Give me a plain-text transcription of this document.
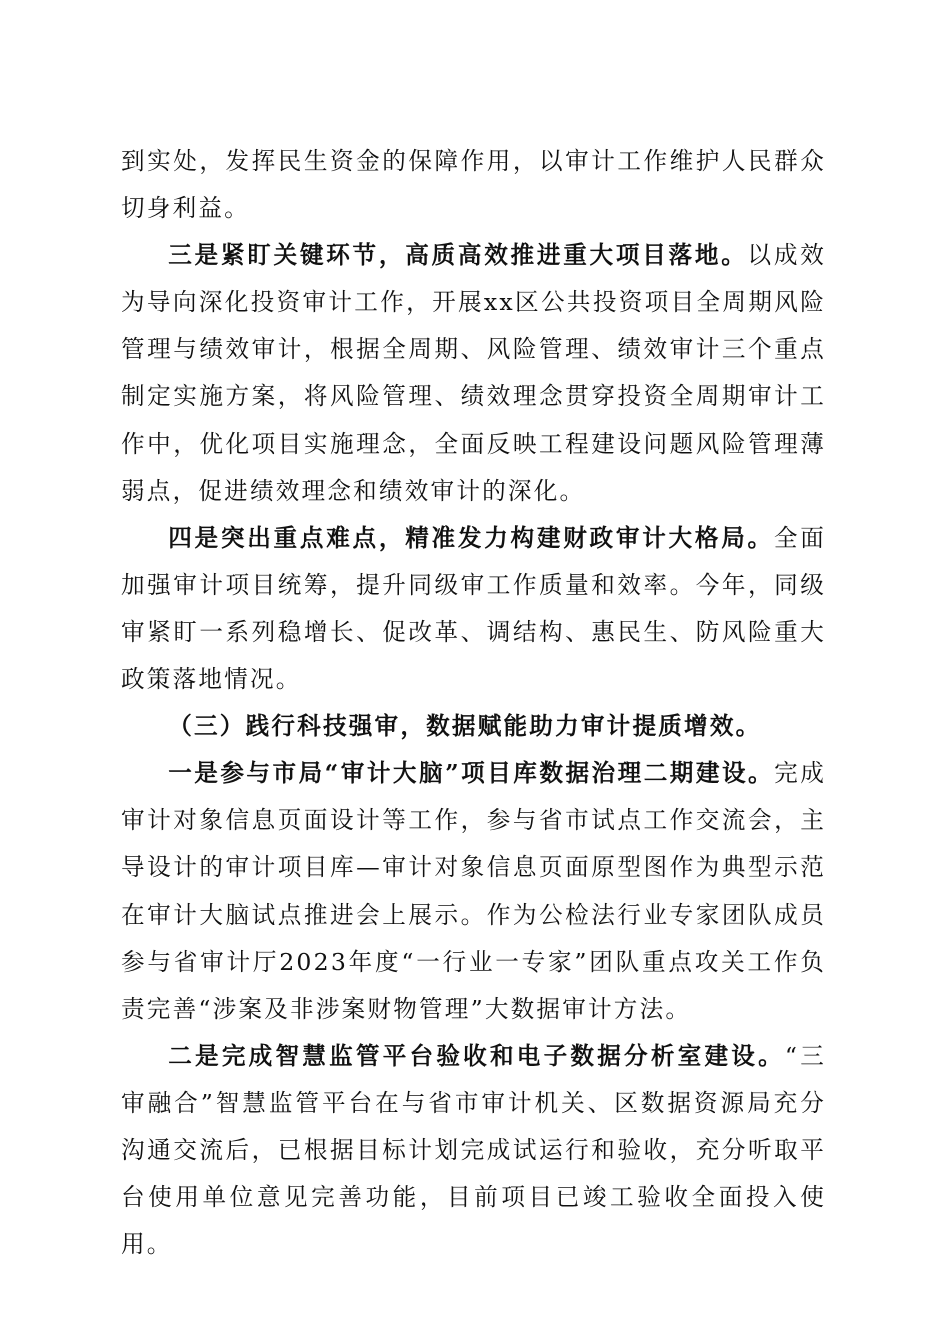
到实处，发挥民生资金的保障作用，以审计工作维护人民群众切身利益。

三是紧盯关键环节，高质高效推进重大项目落地。以成效为导向深化投资审计工作，开展xx区公共投资项目全周期风险管理与绩效审计，根据全周期、风险管理、绩效审计三个重点制定实施方案，将风险管理、绩效理念贯穿投资全周期审计工作中，优化项目实施理念，全面反映工程建设问题风险管理薄弱点，促进绩效理念和绩效审计的深化。

四是突出重点难点，精准发力构建财政审计大格局。全面加强审计项目统筹，提升同级审工作质量和效率。今年，同级审紧盯一系列稳增长、促改革、调结构、惠民生、防风险重大政策落地情况。

（三）践行科技强审，数据赋能助力审计提质增效。

一是参与市局“审计大脑”项目库数据治理二期建设。完成审计对象信息页面设计等工作，参与省市试点工作交流会，主导设计的审计项目库—审计对象信息页面原型图作为典型示范在审计大脑试点推进会上展示。作为公检法行业专家团队成员参与省审计厅2023年度“一行业一专家”团队重点攻关工作负责完善“涉案及非涉案财物管理”大数据审计方法。

二是完成智慧监管平台验收和电子数据分析室建设。“三审融合”智慧监管平台在与省市审计机关、区数据资源局充分沟通交流后，已根据目标计划完成试运行和验收，充分听取平台使用单位意见完善功能，目前项目已竣工验收全面投入使用。
